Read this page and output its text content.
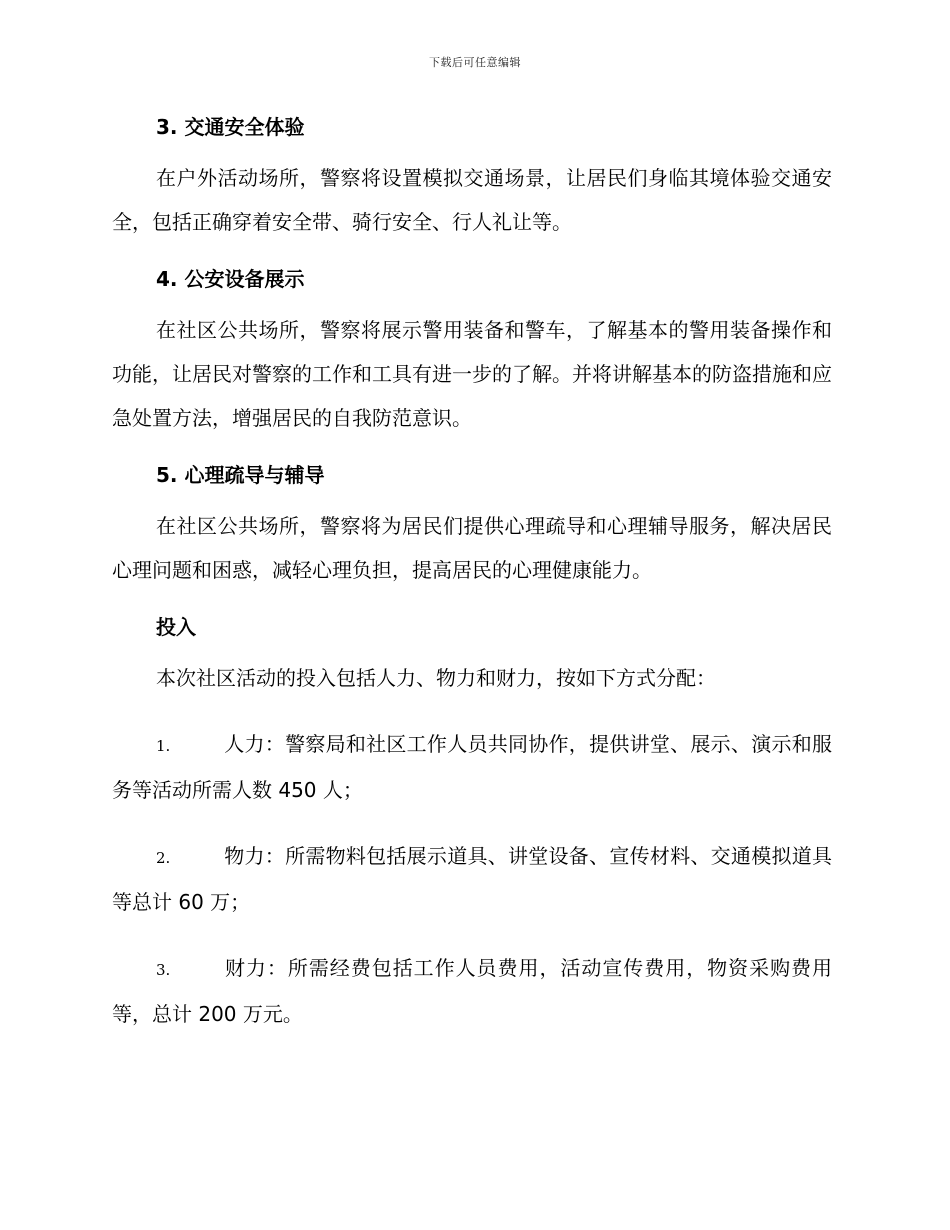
下载后可任意编辑
3. 交通安全体验

在户外活动场所，警察将设置模拟交通场景，让居民们身临其境体验交通安全，包括正确穿着安全带、骑行安全、行人礼让等。

4. 公安设备展示

在社区公共场所，警察将展示警用装备和警车，了解基本的警用装备操作和功能，让居民对警察的工作和工具有进一步的了解。并将讲解基本的防盗措施和应急处置方法，增强居民的自我防范意识。

5. 心理疏导与辅导

在社区公共场所，警察将为居民们提供心理疏导和心理辅导服务，解决居民心理问题和困惑，减轻心理负担，提高居民的心理健康能力。

投入

本次社区活动的投入包括人力、物力和财力，按如下方式分配：

1.	人力：警察局和社区工作人员共同协作，提供讲堂、展示、演示和服务等活动所需人数 450 人；

2.	物力：所需物料包括展示道具、讲堂设备、宣传材料、交通模拟道具等总计 60 万；

3.	财力：所需经费包括工作人员费用，活动宣传费用，物资采购费用等，总计 200 万元。
